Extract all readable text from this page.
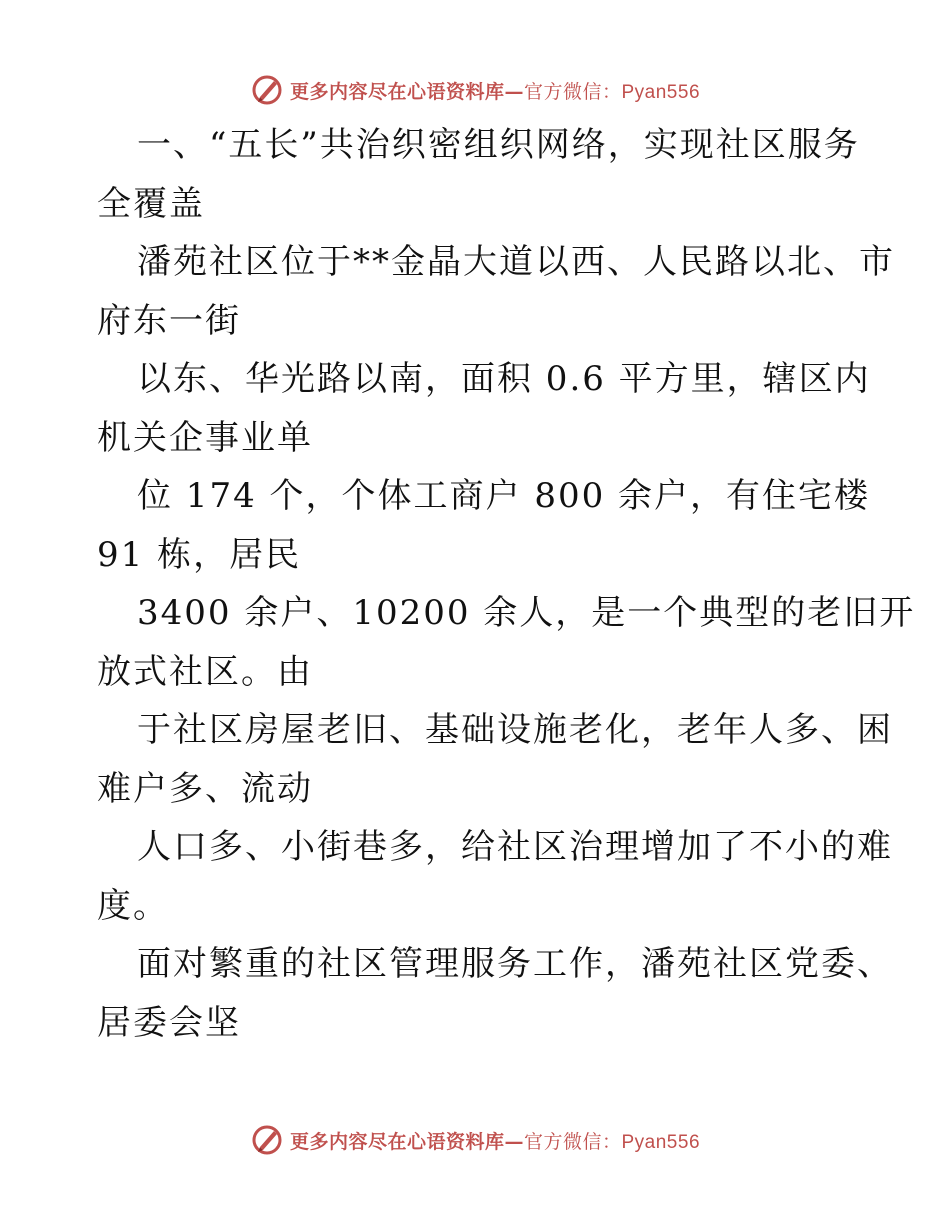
更多内容尽在心语资料库—官方微信：Pyan556
一、“五长”共治织密组织网络，实现社区服务
全覆盖
潘苑社区位于**金晶大道以西、人民路以北、市
府东一街
以东、华光路以南，面积 0.6 平方里，辖区内
机关企事业单
位 174 个，个体工商户 800 余户，有住宅楼
91 栋，居民
3400 余户、10200 余人，是一个典型的老旧开
放式社区。由
于社区房屋老旧、基础设施老化，老年人多、困
难户多、流动
人口多、小街巷多，给社区治理增加了不小的难
度。
面对繁重的社区管理服务工作，潘苑社区党委、
居委会坚
更多内容尽在心语资料库—官方微信：Pyan556
